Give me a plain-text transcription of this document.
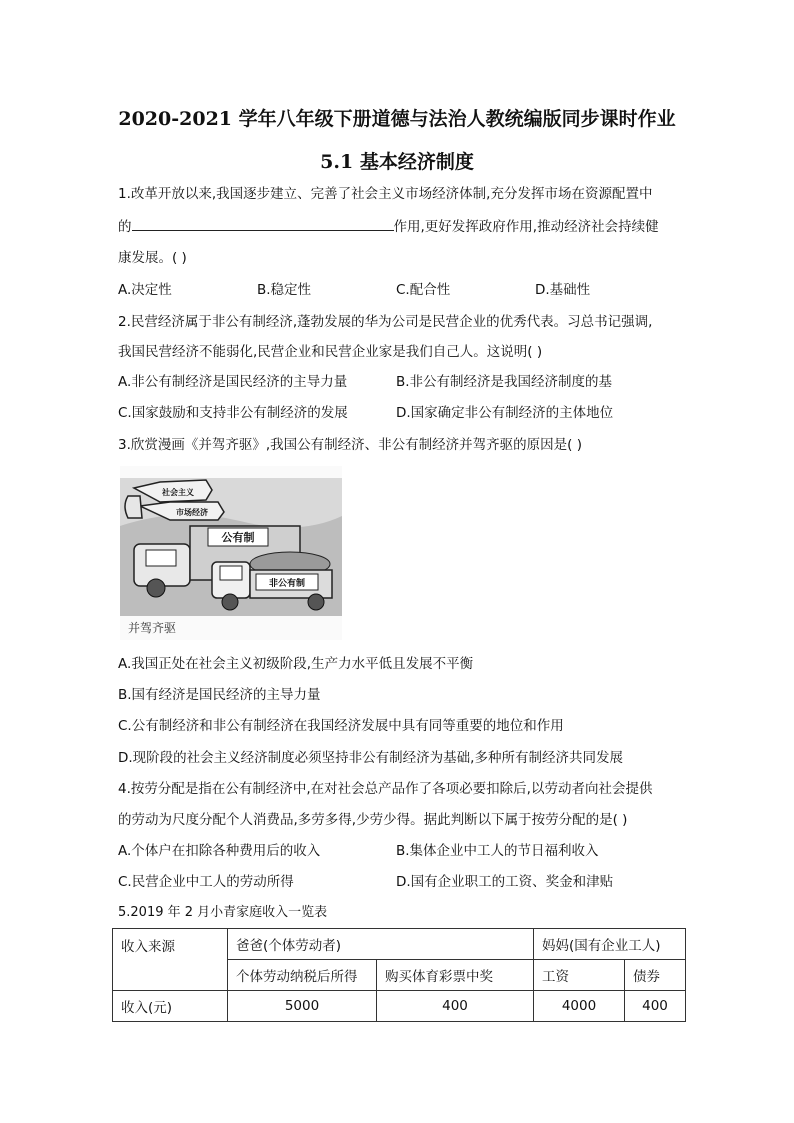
2020-2021 学年八年级下册道德与法治人教统编版同步课时作业
5.1 基本经济制度
1.改革开放以来,我国逐步建立、完善了社会主义市场经济体制,充分发挥市场在资源配置中
的	作用,更好发挥政府作用,推动经济社会持续健
康发展。( )
A.决定性	B.稳定性	C.配合性	D.基础性
2.民营经济属于非公有制经济,蓬勃发展的华为公司是民营企业的优秀代表。习总书记强调,
我国民营经济不能弱化,民营企业和民营企业家是我们自己人。这说明( )
A.非公有制经济是国民经济的主导力量	B.非公有制经济是我国经济制度的基
C.国家鼓励和支持非公有制经济的发展	D.国家确定非公有制经济的主体地位
3.欣赏漫画《并驾齐驱》,我国公有制经济、非公有制经济并驾齐驱的原因是( )
社会主义
市场经济
公有制
非公有制
并驾齐驱
A.我国正处在社会主义初级阶段,生产力水平低且发展不平衡
B.国有经济是国民经济的主导力量
C.公有制经济和非公有制经济在我国经济发展中具有同等重要的地位和作用
D.现阶段的社会主义经济制度必须坚持非公有制经济为基础,多种所有制经济共同发展
4.按劳分配是指在公有制经济中,在对社会总产品作了各项必要扣除后,以劳动者向社会提供
的劳动为尺度分配个人消费品,多劳多得,少劳少得。据此判断以下属于按劳分配的是( )
A.个体户在扣除各种费用后的收入	B.集体企业中工人的节日福利收入
C.民营企业中工人的劳动所得	D.国有企业职工的工资、奖金和津贴
5.2019 年 2 月小青家庭收入一览表
收入来源	爸爸(个体劳动者)		妈妈(国有企业工人)	
	个体劳动纳税后所得	购买体育彩票中奖	工资	债券
收入(元)	5000	400	4000	400
